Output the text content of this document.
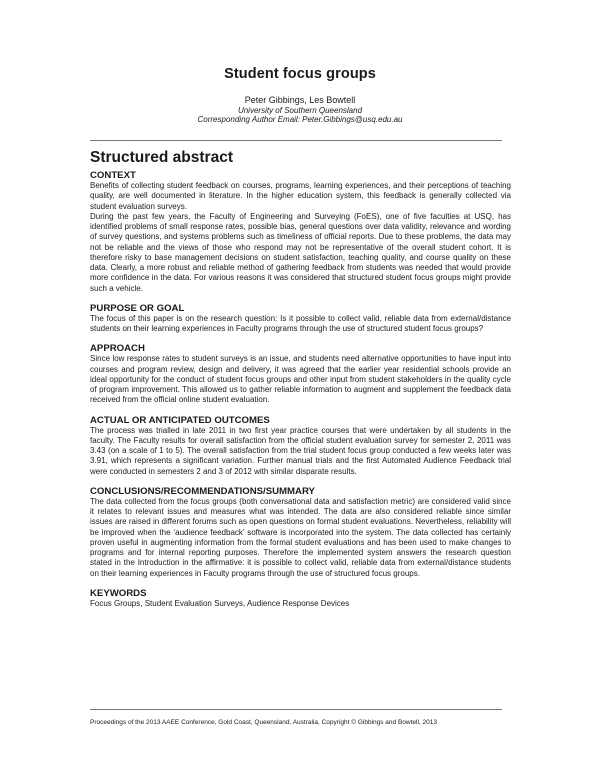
Student focus groups
Peter Gibbings, Les Bowtell
University of Southern Queensland
Corresponding Author Email: Peter.Gibbings@usq.edu.au
Structured abstract

CONTEXT

Benefits of collecting student feedback on courses, programs, learning experiences, and their perceptions of teaching quality, are well documented in literature. In the higher education system, this feedback is generally collected via student evaluation surveys.

During the past few years, the Faculty of Engineering and Surveying (FoES), one of five faculties at USQ, has identified problems of small response rates, possible bias, general questions over data validity, relevance and wording of survey questions, and systems problems such as timeliness of official reports. Due to these problems, the data may not be reliable and the views of those who respond may not be representative of the overall student cohort. It is therefore risky to base management decisions on student satisfaction, teaching quality, and course quality on these data. Clearly, a more robust and reliable method of gathering feedback from students was needed that would provide more confidence in the data. For various reasons it was considered that structured student focus groups might provide such a vehicle.

PURPOSE OR GOAL

The focus of this paper is on the research question: Is it possible to collect valid, reliable data from external/distance students on their learning experiences in Faculty programs through the use of structured student focus groups?

APPROACH

Since low response rates to student surveys is an issue, and students need alternative opportunities to have input into courses and program review, design and delivery, it was agreed that the earlier year residential schools provide an ideal opportunity for the conduct of student focus groups and other input from student stakeholders in the quality cycle of program improvement. This allowed us to gather reliable information to augment and supplement the feedback data received from the official online student evaluation.

ACTUAL OR ANTICIPATED OUTCOMES

The process was trialled in late 2011 in two first year practice courses that were undertaken by all students in the faculty. The Faculty results for overall satisfaction from the official student evaluation survey for semester 2, 2011 was 3.43 (on a scale of 1 to 5). The overall satisfaction from the trial student focus group conducted a few weeks later was 3.91, which represents a significant variation. Further manual trials and the first Automated Audience Feedback trial were conducted in semesters 2 and 3 of 2012 with similar disparate results.

CONCLUSIONS/RECOMMENDATIONS/SUMMARY

The data collected from the focus groups (both conversational data and satisfaction metric) are considered valid since it relates to relevant issues and measures what was intended. The data are also considered reliable since similar issues are raised in different forums such as open questions on formal student evaluations. Nevertheless, reliability will be improved when the ‘audience feedback’ software is incorporated into the system. The data collected has certainly proven useful in augmenting information from the formal student evaluations and has been used to make changes to programs and for internal reporting purposes. Therefore the implemented system answers the research question stated in the Introduction in the affirmative: it is possible to collect valid, reliable data from external/distance students on their learning experiences in Faculty programs through the use of structured focus groups.

KEYWORDS

Focus Groups, Student Evaluation Surveys, Audience Response Devices

Proceedings of the 2013 AAEE Conference, Gold Coast, Queensland, Australia, Copyright © Gibbings and Bowtell, 2013
